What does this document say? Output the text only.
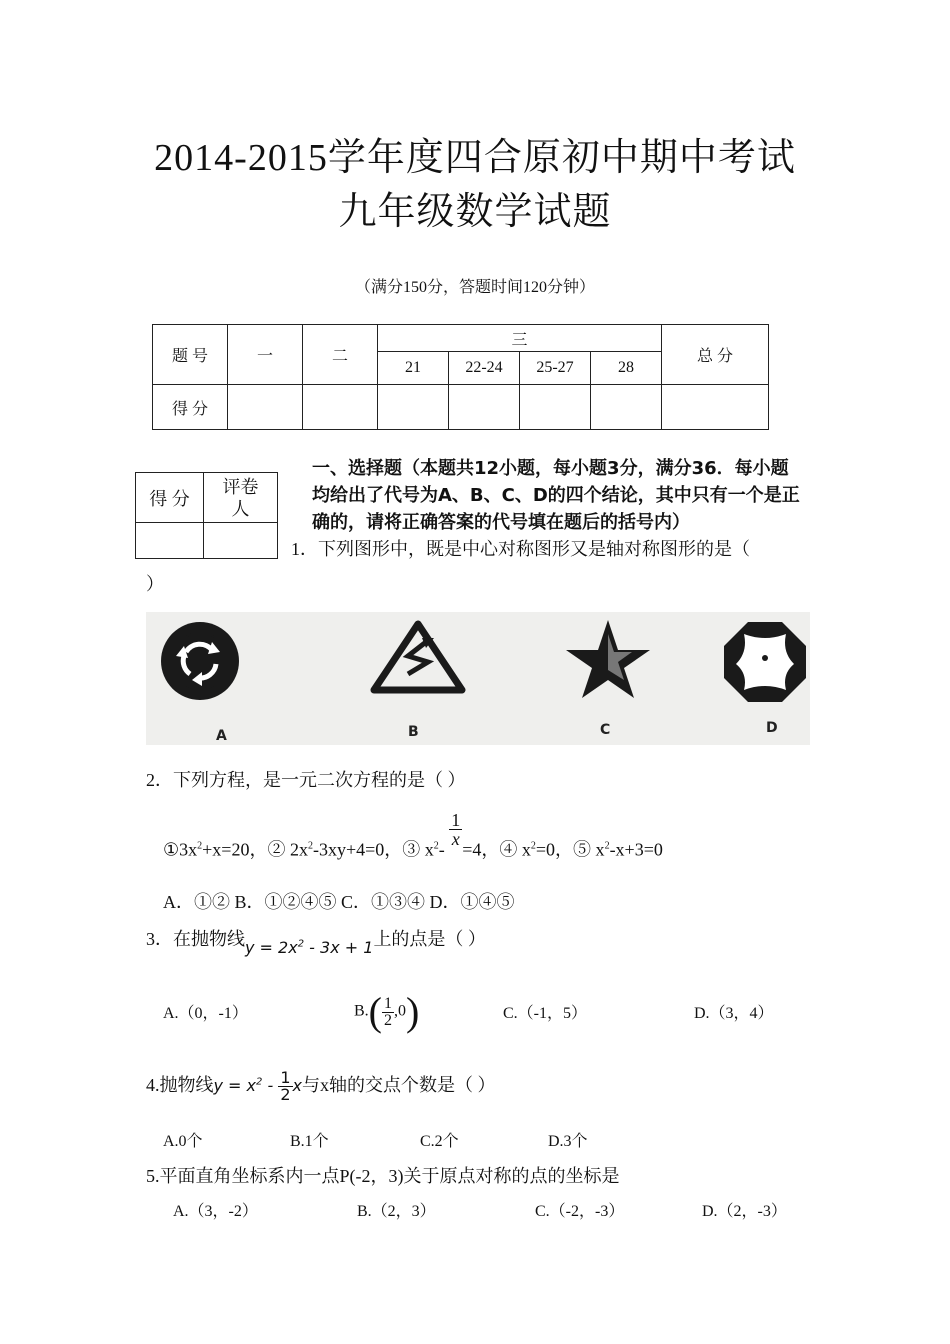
2014-2015学年度四合原初中期中考试
九年级数学试题
（满分150分，答题时间120分钟）
题 号	一	二	三				总 分
			21	22-24	25-27	28	
得 分							
得 分	评卷
人

一、选择题（本题共12小题，每小题3分，满分36．每小题均给出了代号为A、B、C、D的四个结论，其中只有一个是正确的，请将正确答案的代号填在题后的括号内）
1．下列图形中，既是中心对称图形又是轴对称图形的是（
）
A	B	C	D
2．下列方程，是一元二次方程的是（ ）
$①3x^2+x=20$，② $2x^2-3xy+4=0$，③ $x^2-$
$\frac{1}{x}$
=4，④ $x^2=0$，⑤ $x^2-x+3=0$
A．①② B．①②④⑤ C．①③④ D．①④⑤
3．在抛物线$y = 2x^2 - 3x + 1$上的点是（ ）
A.（0，-1）	$B.( \frac{1}{2} ,0)$	C.（-1，5）	D.（3，4）
4.抛物线$y = x^2 - \frac{1}{2}$ x与x轴的交点个数是（ ）
A.0个	B.1个	C.2个	D.3个
5.平面直角坐标系内一点P(-2，3)关于原点对称的点的坐标是
A.（3，-2）	B.（2，3）	C.（-2，-3）	D.（2，-3）
